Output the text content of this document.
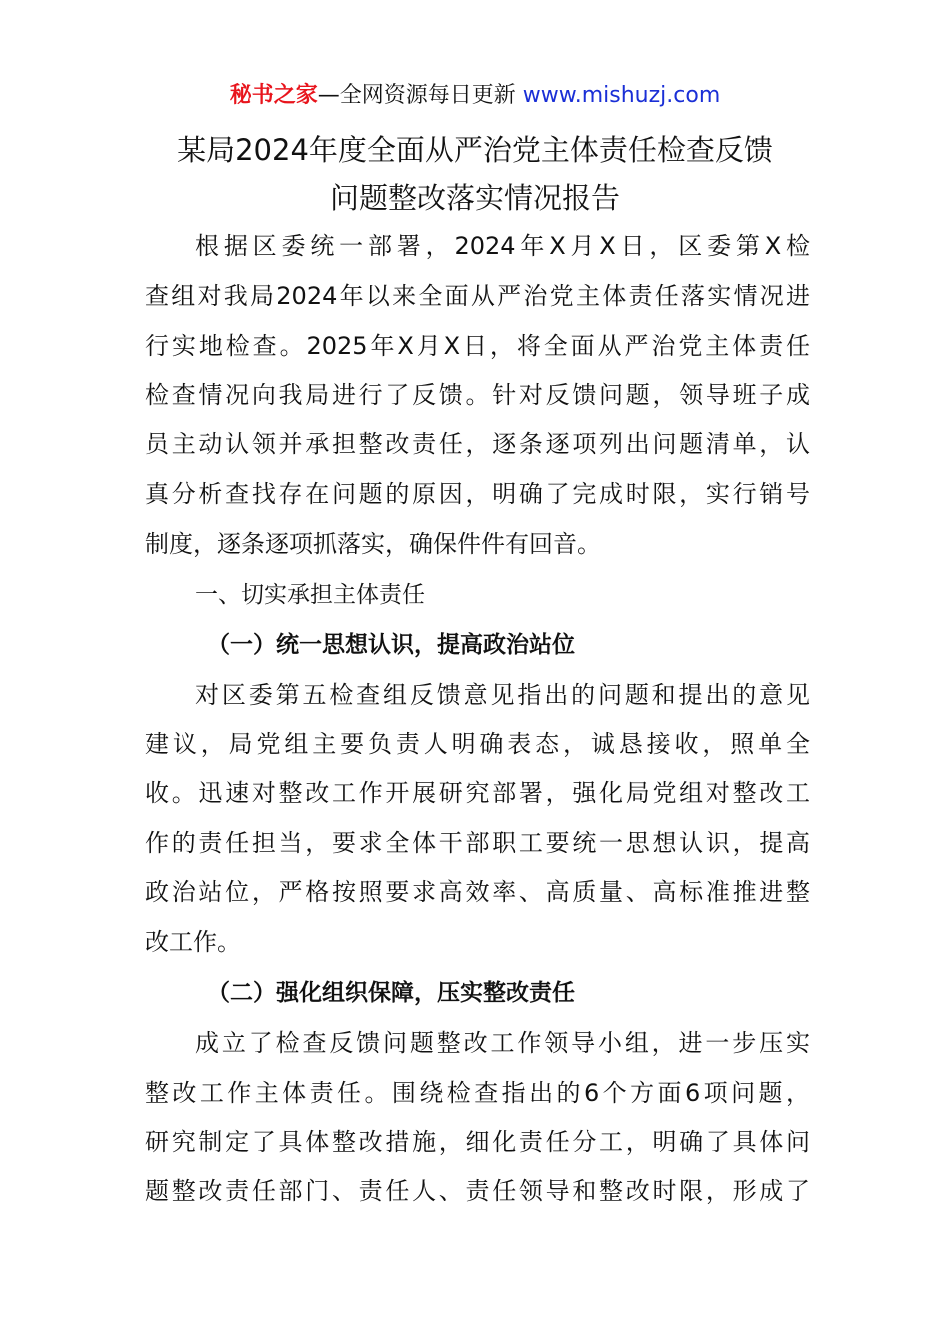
秘书之家—全网资源每日更新 www.mishuzj.com
某局2024年度全面从严治党主体责任检查反馈
问题整改落实情况报告
根据区委统一部署，2024年X月X日，区委第X检
查组对我局2024年以来全面从严治党主体责任落实情况进
行实地检查。2025年X月X日，将全面从严治党主体责任
检查情况向我局进行了反馈。针对反馈问题，领导班子成
员主动认领并承担整改责任，逐条逐项列出问题清单，认
真分析查找存在问题的原因，明确了完成时限，实行销号
制度，逐条逐项抓落实，确保件件有回音。
一、切实承担主体责任
（一）统一思想认识，提高政治站位
对区委第五检查组反馈意见指出的问题和提出的意见
建议，局党组主要负责人明确表态，诚恳接收，照单全
收。迅速对整改工作开展研究部署，强化局党组对整改工
作的责任担当，要求全体干部职工要统一思想认识，提高
政治站位，严格按照要求高效率、高质量、高标准推进整
改工作。
（二）强化组织保障，压实整改责任
成立了检查反馈问题整改工作领导小组，进一步压实
整改工作主体责任。围绕检查指出的6个方面6项问题，
研究制定了具体整改措施，细化责任分工，明确了具体问
题整改责任部门、责任人、责任领导和整改时限，形成了
